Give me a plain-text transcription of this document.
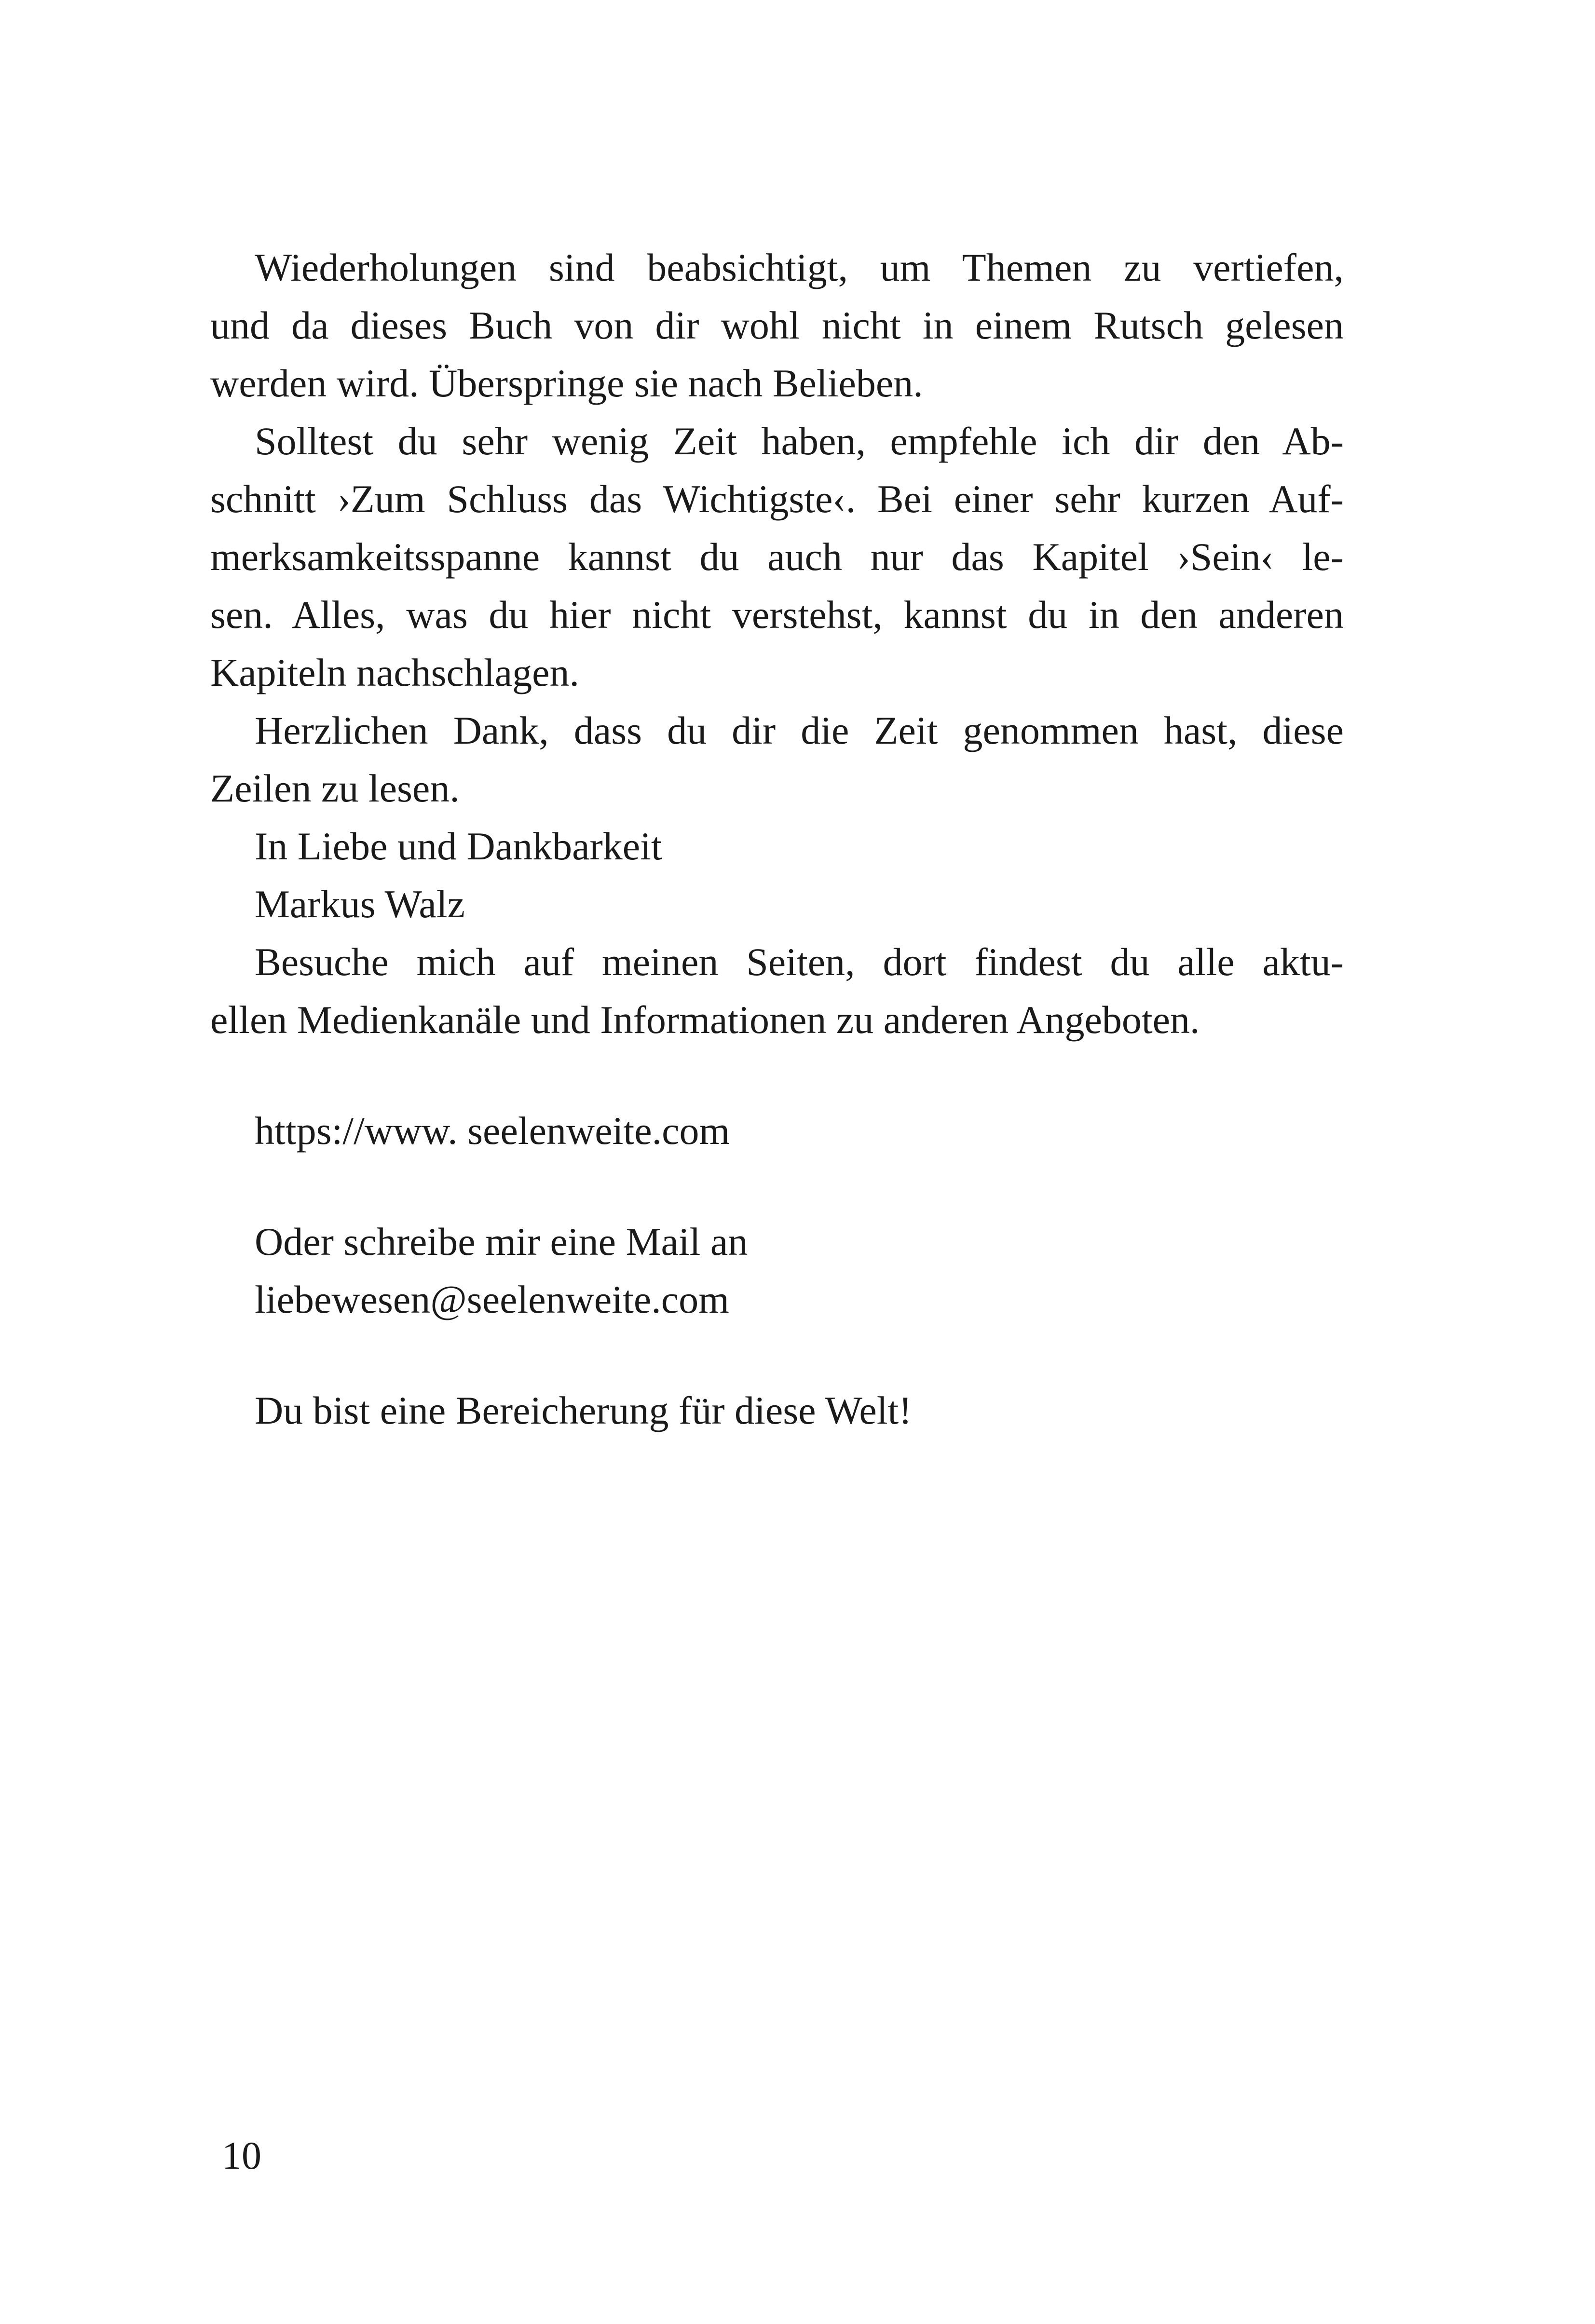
Wiederholungen sind beabsichtigt, um Themen zu vertiefen,
und da dieses Buch von dir wohl nicht in einem Rutsch gelesen
werden wird. Überspringe sie nach Belieben.
Solltest du sehr wenig Zeit haben, empfehle ich dir den Ab-
schnitt ›Zum Schluss das Wichtigste‹. Bei einer sehr kurzen Auf-
merksamkeitsspanne kannst du auch nur das Kapitel ›Sein‹ le-
sen. Alles, was du hier nicht verstehst, kannst du in den anderen
Kapiteln nachschlagen.
Herzlichen Dank, dass du dir die Zeit genommen hast, diese
Zeilen zu lesen.
In Liebe und Dankbarkeit
Markus Walz
Besuche mich auf meinen Seiten, dort findest du alle aktu-
ellen Medienkanäle und Informationen zu anderen Angeboten.
https://www. seelenweite.com
Oder schreibe mir eine Mail an
liebewesen@seelenweite.com
Du bist eine Bereicherung für diese Welt!
10
